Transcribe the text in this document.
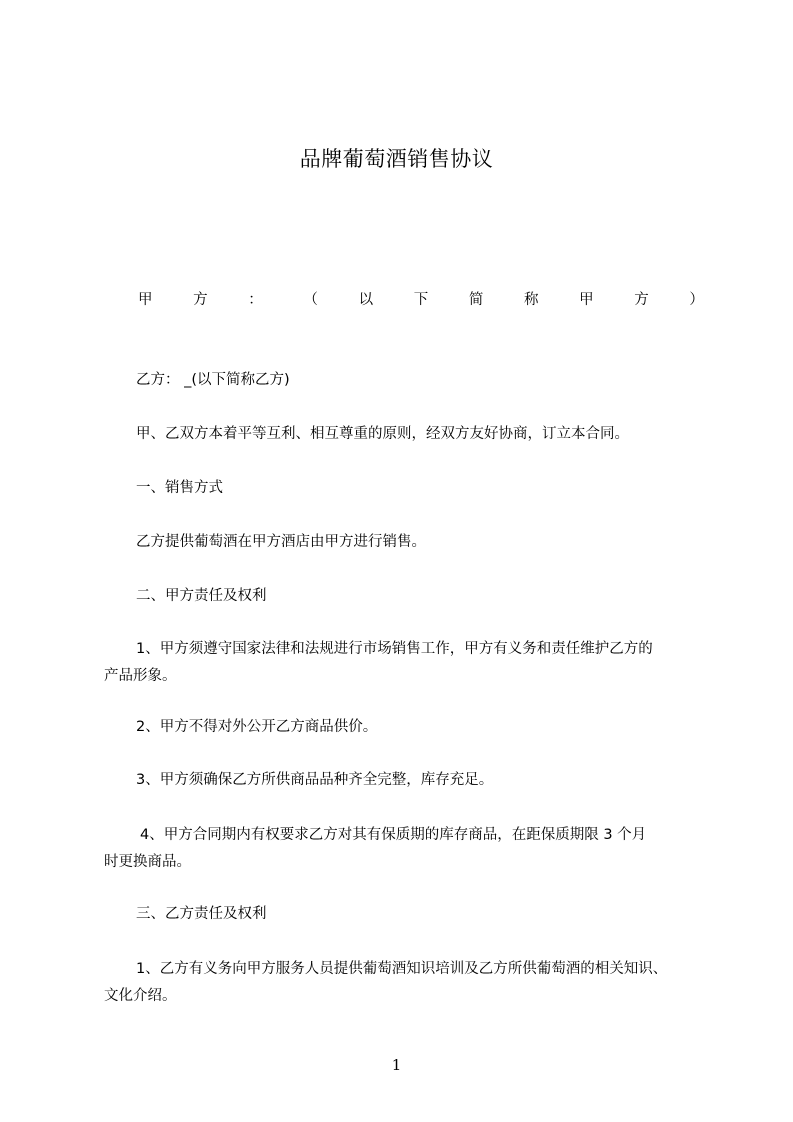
品牌葡萄酒销售协议
甲	方	：	（	以	下	简	称	甲	方	）
乙方： _(以下简称乙方)
甲、乙双方本着平等互利、相互尊重的原则，经双方友好协商，订立本合同。
一、销售方式
乙方提供葡萄酒在甲方酒店由甲方进行销售。
二、甲方责任及权利
1、甲方须遵守国家法律和法规进行市场销售工作，甲方有义务和责任维护乙方的
产品形象。
2、甲方不得对外公开乙方商品供价。
3、甲方须确保乙方所供商品品种齐全完整，库存充足。
4、甲方合同期内有权要求乙方对其有保质期的库存商品，在距保质期限 3 个月
时更换商品。
三、乙方责任及权利
1、乙方有义务向甲方服务人员提供葡萄酒知识培训及乙方所供葡萄酒的相关知识、
文化介绍。
1
